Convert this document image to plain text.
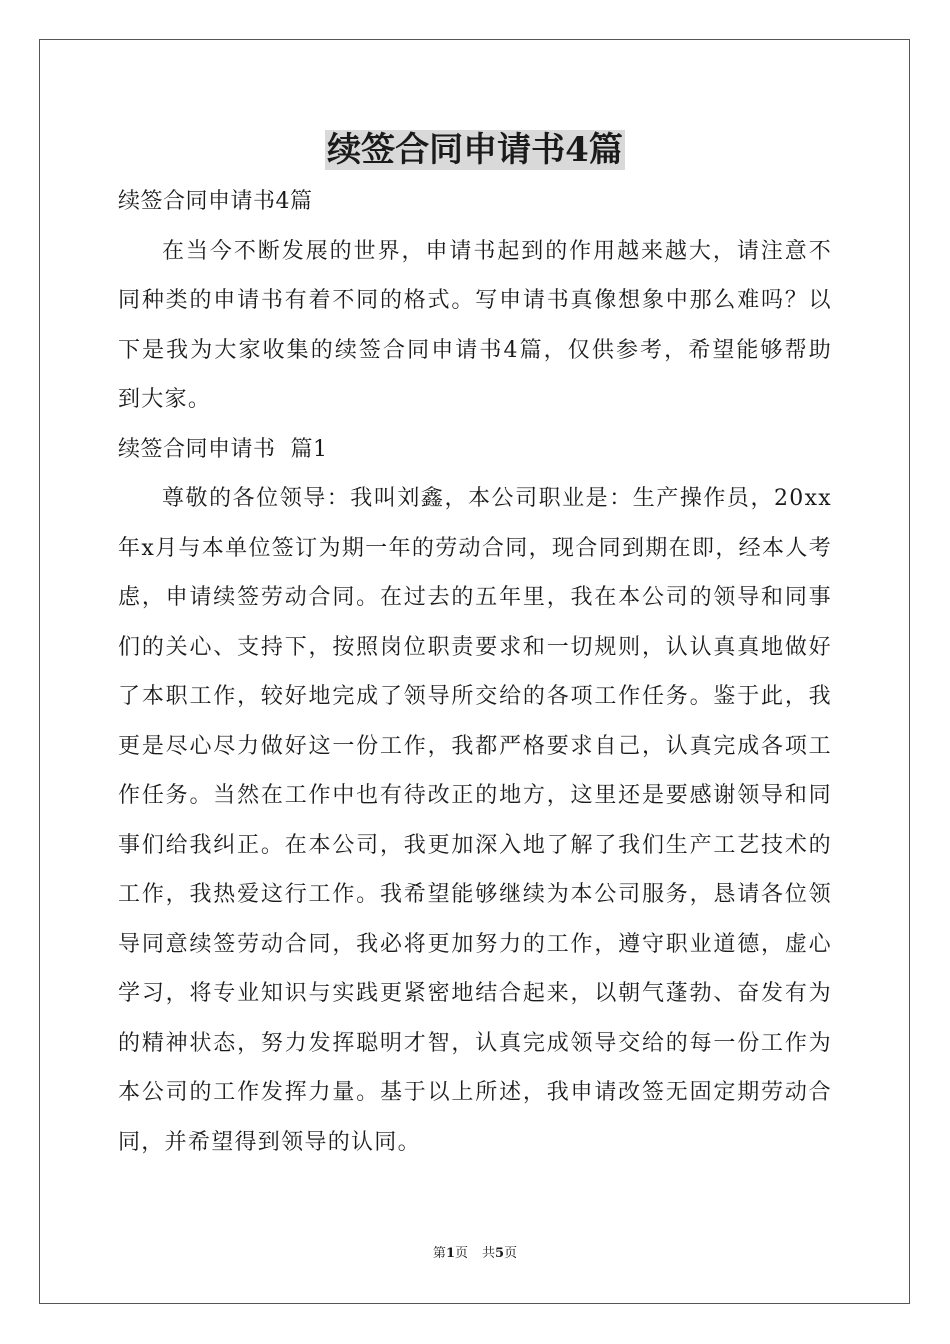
续签合同申请书4篇

续签合同申请书4篇

在当今不断发展的世界，申请书起到的作用越来越大，请注意不同种类的申请书有着不同的格式。写申请书真像想象中那么难吗？以下是我为大家收集的续签合同申请书4篇，仅供参考，希望能够帮助到大家。

续签合同申请书  篇1

尊敬的各位领导：我叫刘鑫，本公司职业是：生产操作员，20xx年x月与本单位签订为期一年的劳动合同，现合同到期在即，经本人考虑，申请续签劳动合同。在过去的五年里，我在本公司的领导和同事们的关心、支持下，按照岗位职责要求和一切规则，认认真真地做好了本职工作，较好地完成了领导所交给的各项工作任务。鉴于此，我更是尽心尽力做好这一份工作，我都严格要求自己，认真完成各项工作任务。当然在工作中也有待改正的地方，这里还是要感谢领导和同事们给我纠正。在本公司，我更加深入地了解了我们生产工艺技术的工作，我热爱这行工作。我希望能够继续为本公司服务，恳请各位领导同意续签劳动合同，我必将更加努力的工作，遵守职业道德，虚心学习，将专业知识与实践更紧密地结合起来，以朝气蓬勃、奋发有为的精神状态，努力发挥聪明才智，认真完成领导交给的每一份工作为本公司的工作发挥力量。基于以上所述，我申请改签无固定期劳动合同，并希望得到领导的认同。

第1页 共5页
